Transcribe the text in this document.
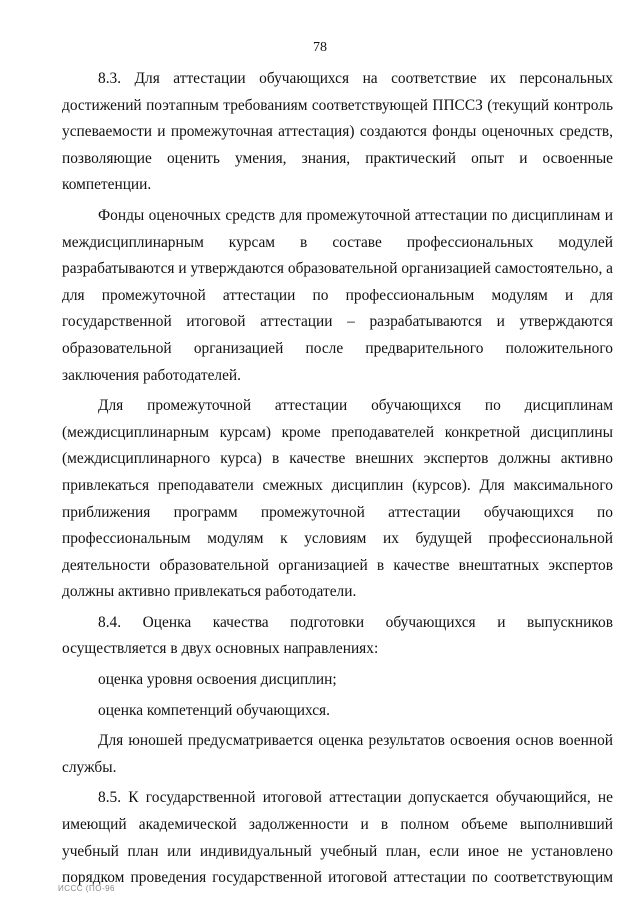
78

8.3. Для аттестации обучающихся на соответствие их персональных достижений поэтапным требованиям соответствующей ППССЗ (текущий контроль успеваемости и промежуточная аттестация) создаются фонды оценочных средств, позволяющие оценить умения, знания, практический опыт и освоенные компетенции.

Фонды оценочных средств для промежуточной аттестации по дисциплинам и междисциплинарным курсам в составе профессиональных модулей разрабатываются и утверждаются образовательной организацией самостоятельно, а для промежуточной аттестации по профессиональным модулям и для государственной итоговой аттестации – разрабатываются и утверждаются образовательной организацией после предварительного положительного заключения работодателей.

Для промежуточной аттестации обучающихся по дисциплинам (междисциплинарным курсам) кроме преподавателей конкретной дисциплины (междисциплинарного курса) в качестве внешних экспертов должны активно привлекаться преподаватели смежных дисциплин (курсов). Для максимального приближения программ промежуточной аттестации обучающихся по профессиональным модулям к условиям их будущей профессиональной деятельности образовательной организацией в качестве внештатных экспертов должны активно привлекаться работодатели.

8.4. Оценка качества подготовки обучающихся и выпускников осуществляется в двух основных направлениях:

оценка уровня освоения дисциплин;

оценка компетенций обучающихся.

Для юношей предусматривается оценка результатов освоения основ военной службы.

8.5. К государственной итоговой аттестации допускается обучающийся, не имеющий академической задолженности и в полном объеме выполнивший учебный план или индивидуальный учебный план, если иное не установлено порядком проведения государственной итоговой аттестации по соответствующим

ИССС (ПО-96
